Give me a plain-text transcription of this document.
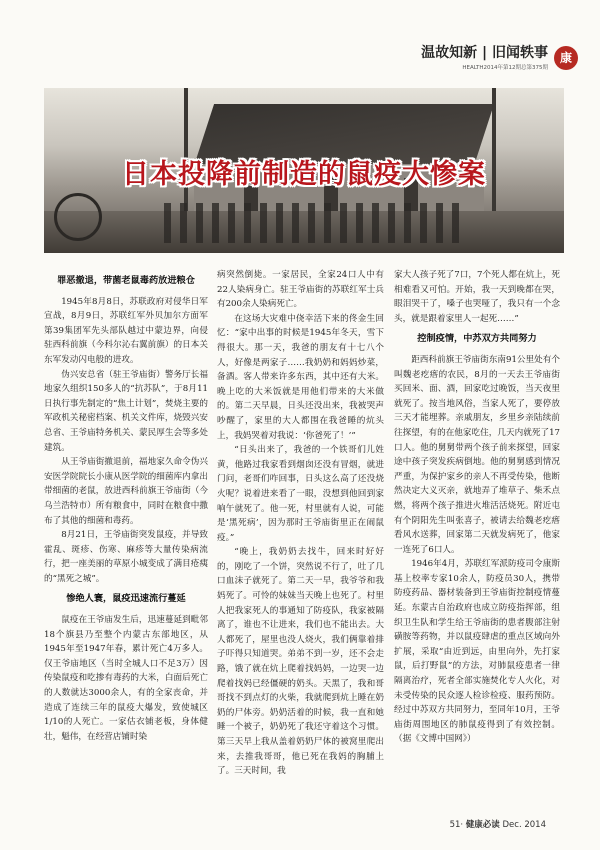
温故知新 | 旧闻轶事
HEALTH2014年第12期总第375期
康
日本投降前制造的鼠疫大惨案
罪恶撤退，带菌老鼠毒药放进粮仓

1945年8月8日，苏联政府对侵华日军宣战，8月9日，苏联红军外贝加尔方面军第39集团军先头部队越过中蒙边界，向侵驻西科前旗（今科尔沁右翼前旗）的日本关东军发动闪电般的进攻。

伪兴安总省（驻王爷庙街）警务厅长福地家久组织150多人的“抗苏队”，于8月11日执行事先制定的“焦土计划”，焚烧主要的军政机关秘密档案、机关文件库，烧毁兴安总省、王爷庙特务机关、蒙民厚生会等多处建筑。

从王爷庙街撤退前，福地家久命令伪兴安医学院院长小康从医学院的细菌库内拿出带细菌的老鼠，放进西科前旗王爷庙街（今乌兰浩特市）所有粮食中，同时在粮食中撒布了其他的细菌和毒药。

8月21日，王爷庙街突发鼠疫，并导致霍乱、斑疹、伤寒、麻疹等大量传染病流行，把一座美丽的草原小城变成了满目疮痍的“黑死之城”。

惨绝人寰，鼠疫迅速流行蔓延

鼠疫在王爷庙发生后，迅速蔓延到毗邻18个旗县乃至整个内蒙古东部地区，从1945年至1947年春，累计死亡4万多人。仅王爷庙地区（当时全城人口不足3万）因传染鼠疫和吃掺有毒药的大米，白面后死亡的人数就达3000余人，有的全家丧命，并造成了连续三年的鼠疫大爆发，致使城区1/10的人死亡。一家估衣铺老板，身体健壮，魁伟，在经营店铺时染

病突然倒毙。一家居民，全家24口人中有22人染病身亡。驻王爷庙街的苏联红军士兵有200余人染病死亡。

在这场大灾难中侥幸活下来的佟金生回忆：“家中出事的时候是1945年冬天，雪下得很大。那一天，我爸的朋友有十七八个人，好像是两家子……我奶奶和妈妈炒菜，备酒。客人带来许多东西，其中还有大米。晚上吃的大米饭就是用他们带来的大米做的。第二天早晨，日头还没出来，我被哭声吵醒了，家里的大人都围在我爸睡的炕头上，我妈哭着对我说：‘你爸死了！’”

“日头出来了，我爸的一个铁哥们儿姓黄，他路过我家看到烟囱还没有冒烟，就进门问，老哥们咋回事，日头这么高了还没烧火呢？说着进来看了一眼，没想到他回到家响午就死了。他一死，村里就有人说，可能是‘黑死病’，因为那时王爷庙街里正在闹鼠疫。”

“晚上，我奶奶去找牛，回来时好好的，刚吃了一个饼，突然说不行了，吐了几口血沫子就死了。第二天一早，我爷爷和我妈死了。可怜的妹妹当天晚上也死了。村里人把我家死人的事通知了防疫队，我家被隔离了，谁也不让进来，我们也不能出去。大人都死了，屋里也没人烧火，我们俩靠着排子吓得只知道哭。弟弟不到一岁，还不会走路，饿了就在炕上爬着找妈妈，一边哭一边爬着找妈已经僵硬的奶头。天黑了，我和哥哥找不到点灯的火柴，我就爬到炕上睡在奶奶的尸体旁。奶奶活着的时候，我一直和她睡一个被子，奶奶死了我还守着这个习惯。第三天早上我从盖着奶奶尸体的被窝里爬出来，去推我哥哥，他已死在我妈的胸脯上了。三天时间，我

家大人孩子死了7口，7个死人都在炕上，死相难看又可怕。开始，我一天到晚都在哭，眼泪哭干了，嗓子也哭哑了，我只有一个念头，就是跟着家里人一起死……”

控制疫情，中苏双方共同努力

距西科前旗王爷庙街东南91公里处有个叫魏老疙瘩的农民，8月的一天去王爷庙街买回米、面、酒，回家吃过晚饭，当天夜里就死了。按当地风俗，当家人死了，要停放三天才能埋葬。亲戚朋友，乡里乡亲陆续前往探望，有的在他家吃住，几天内就死了17口人。他的舅舅带两个孩子前来探望，回家途中孩子突发疾病倒地。他的舅舅感到情况严重，为保护家乡的亲人不再受传染，他断然决定大义灭亲，就地弄了堆草子、柴禾点燃，将两个孩子推进火堆活活烧死。附近屯有个阴阳先生叫张喜子，被请去给魏老疙瘩看风水送葬，回家第二天就发病死了，他家一连死了6口人。

1946年4月，苏联红军派防疫司令康斯基上校率专家10余人，防疫员30人，携带防疫药品、器材装备到王爷庙街控制疫情蔓延。东蒙古自治政府也成立防疫指挥部，组织卫生队和学生给王爷庙街的患者腹部注射磺胺等药物，并以鼠疫肆虐的重点区域向外扩展，采取“由近到远，由里向外，先打家鼠，后打野鼠”的方法，对肺鼠疫患者一律隔离治疗，死者全部实施焚化专人火化，对未受传染的民众逐人检诊检疫、服药预防。经过中苏双方共同努力，至同年10月，王爷庙街周围地区的肺鼠疫得到了有效控制。（据《文博中国网》）

51· 健康必读 Dec. 2014
